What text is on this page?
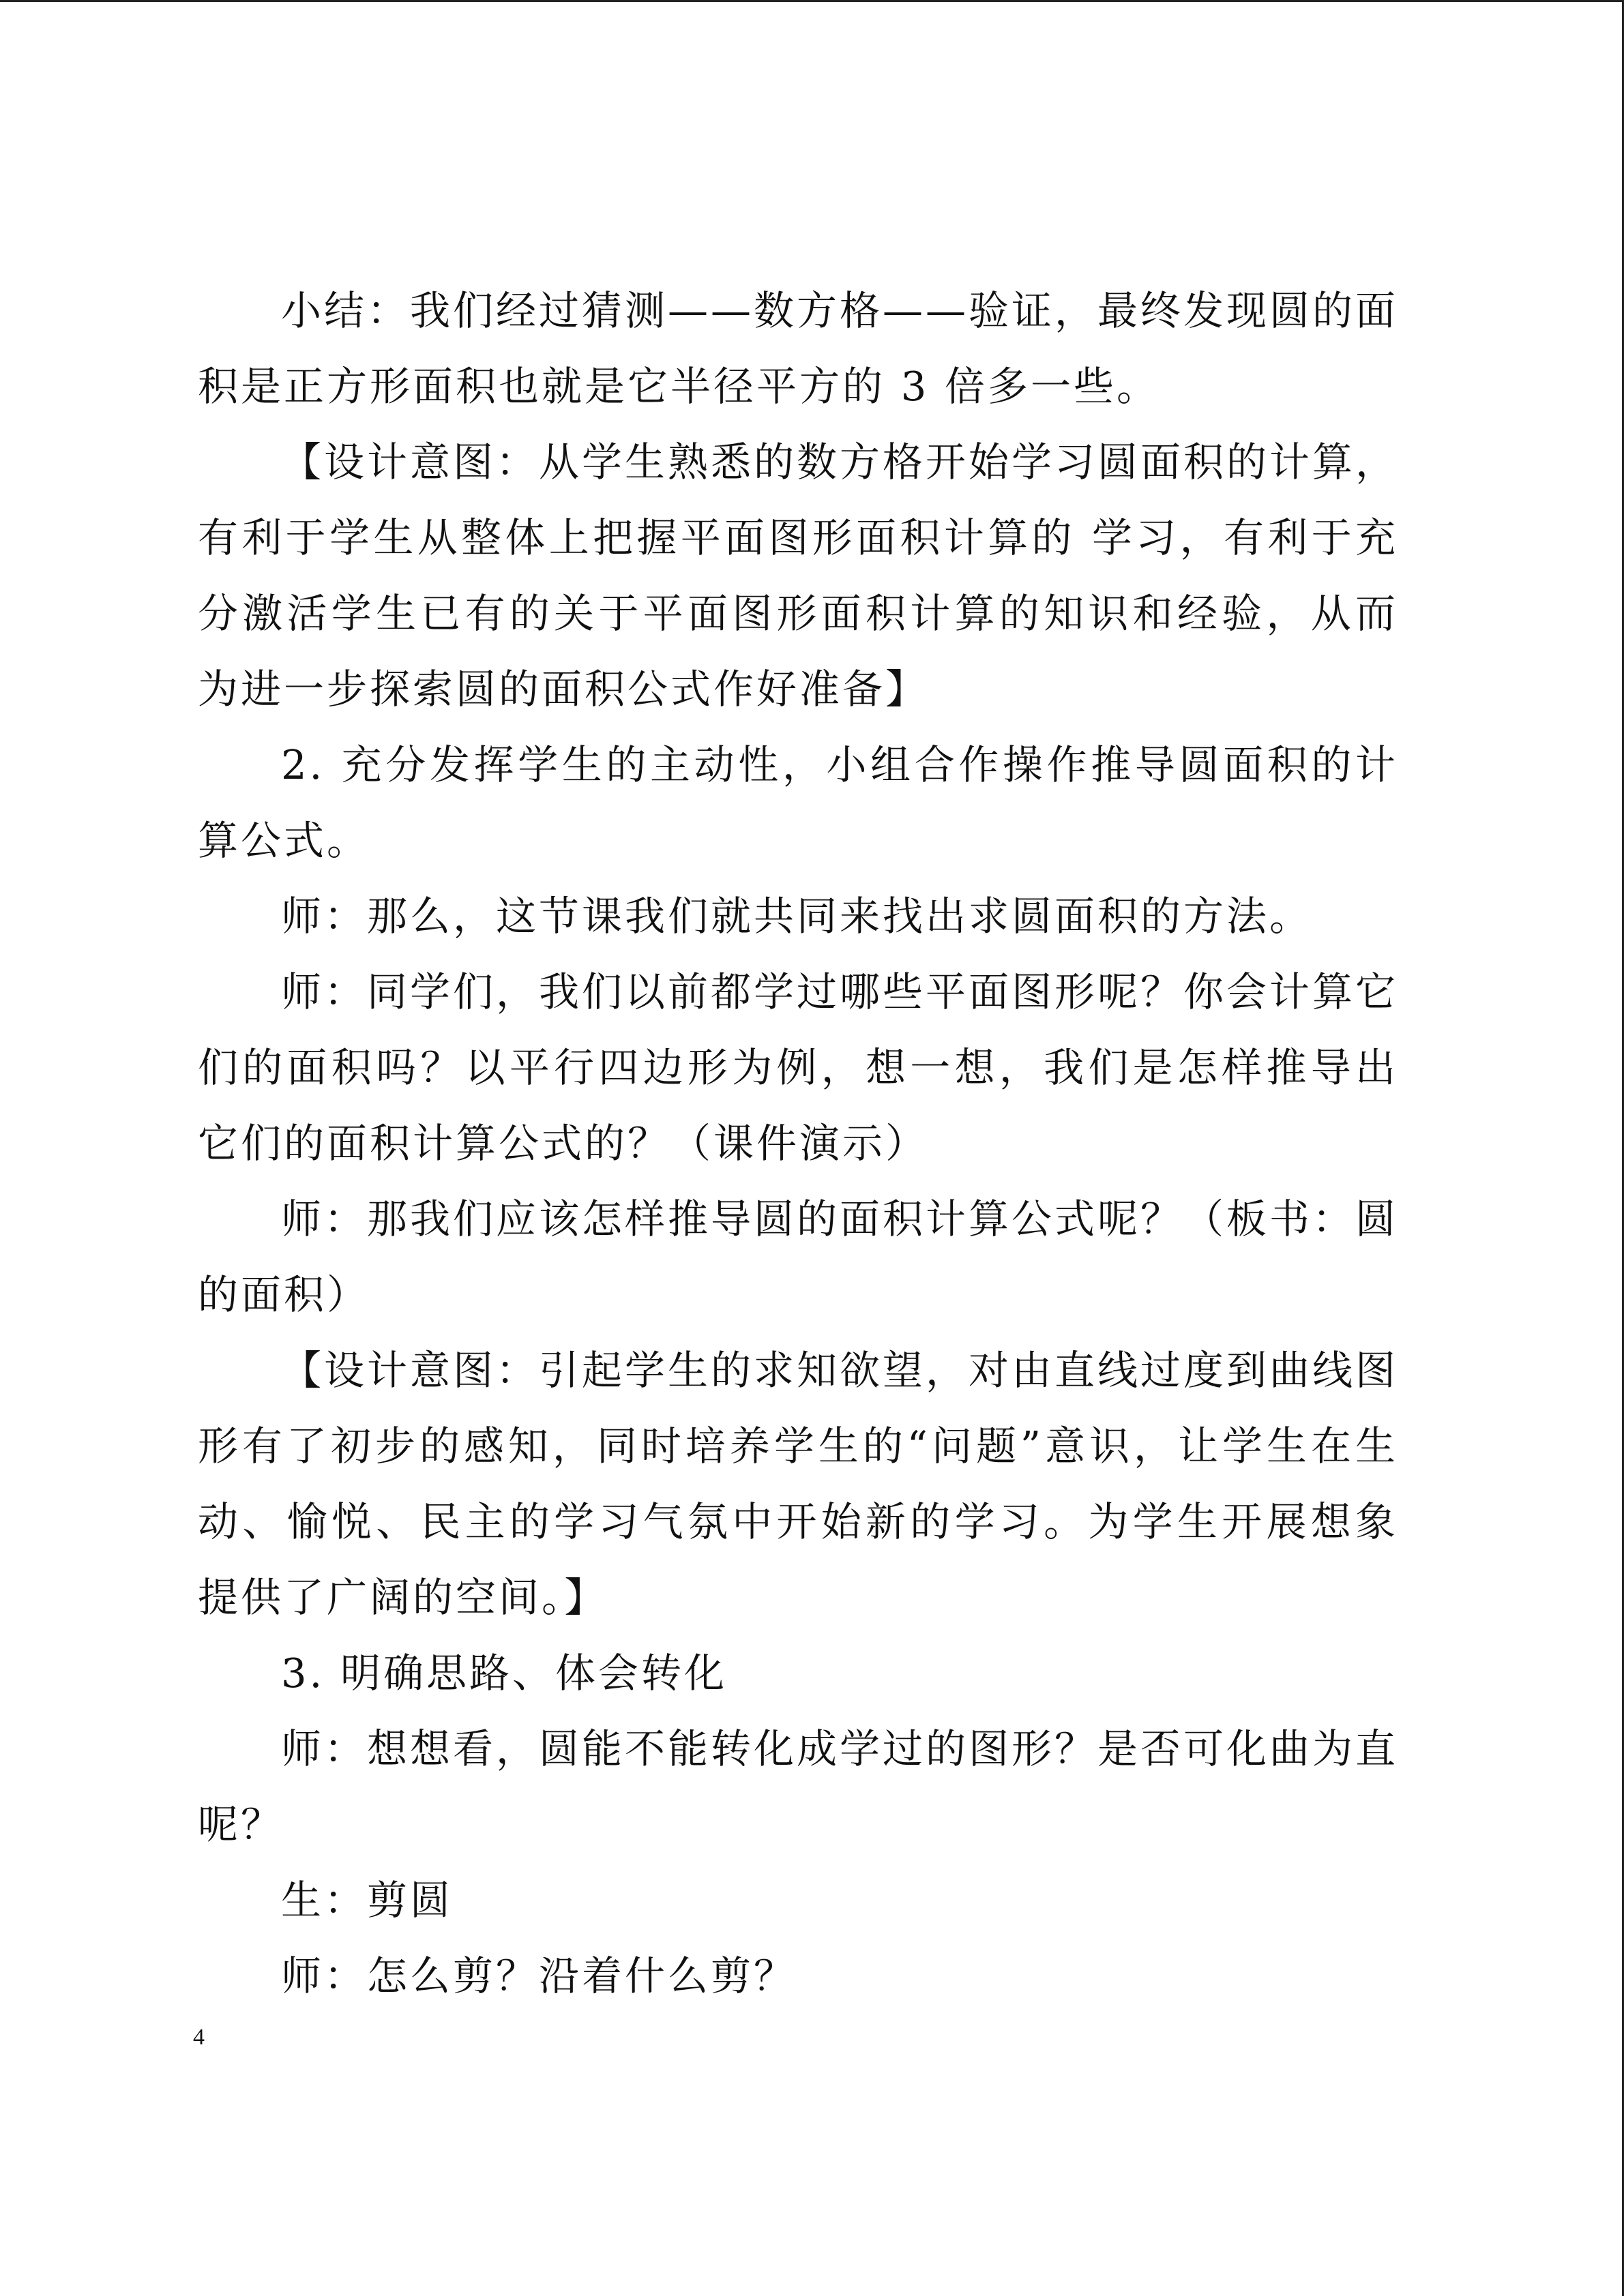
小结：我们经过猜测——数方格——验证，最终发现圆的面积是正方形面积也就是它半径平方的 3 倍多一些。

【设计意图：从学生熟悉的数方格开始学习圆面积的计算，有利于学生从整体上把握平面图形面积计算的 学习，有利于充分激活学生已有的关于平面图形面积计算的知识和经验，从而为进一步探索圆的面积公式作好准备】

2. 充分发挥学生的主动性，小组合作操作推导圆面积的计算公式。

师：那么，这节课我们就共同来找出求圆面积的方法。

师：同学们，我们以前都学过哪些平面图形呢？你会计算它们的面积吗？以平行四边形为例，想一想，我们是怎样推导出它们的面积计算公式的？（课件演示）

师：那我们应该怎样推导圆的面积计算公式呢？（板书：圆的面积）

【设计意图：引起学生的求知欲望，对由直线过度到曲线图形有了初步的感知，同时培养学生的“问题”意识，让学生在生动、愉悦、民主的学习气氛中开始新的学习。为学生开展想象提供了广阔的空间。】

3. 明确思路、体会转化

师：想想看，圆能不能转化成学过的图形？是否可化曲为直呢？

生：剪圆

师：怎么剪？沿着什么剪？

4
